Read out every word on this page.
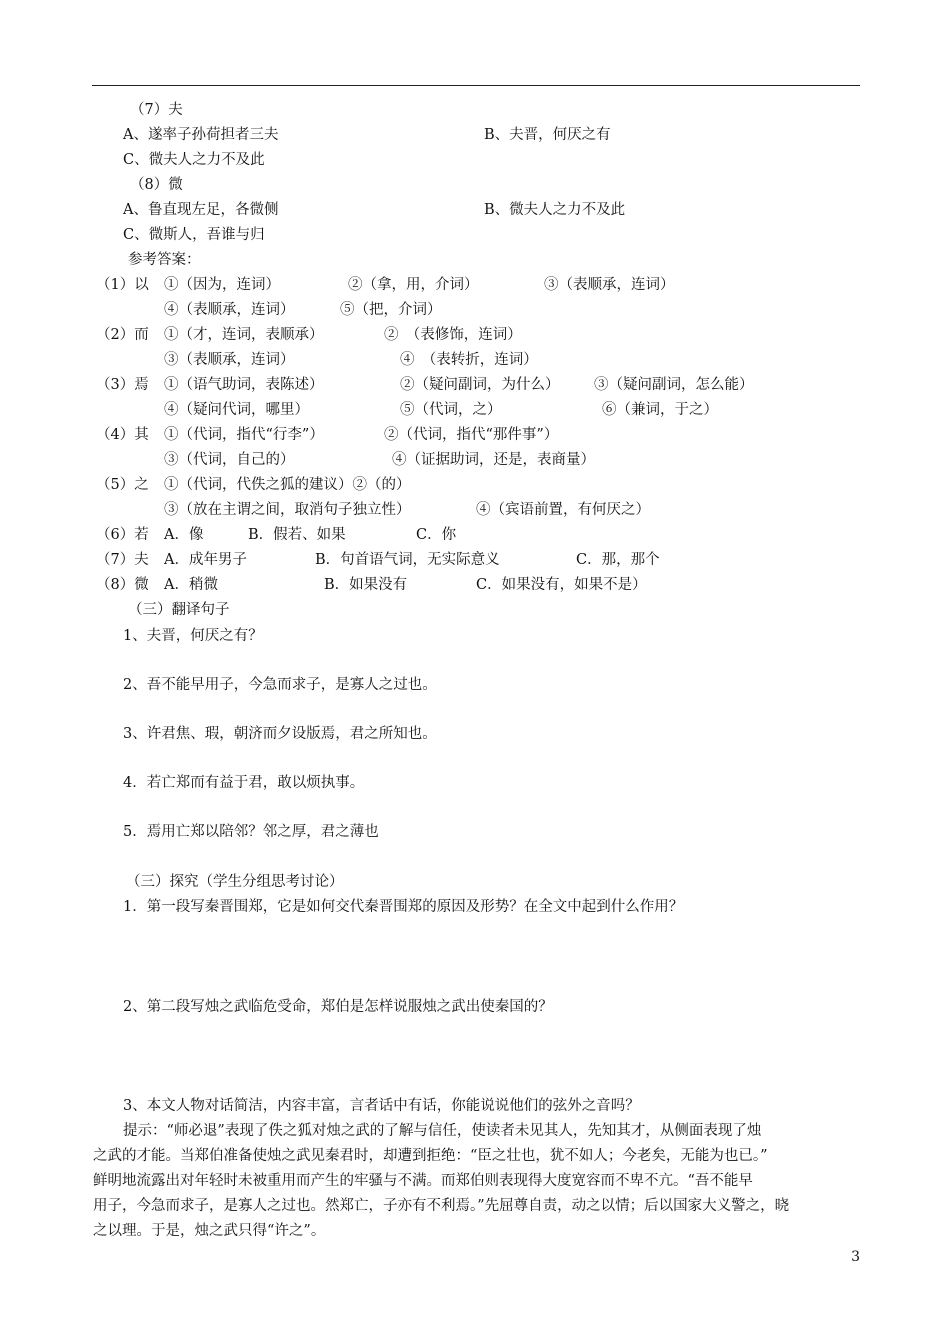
（7）夫
A、遂率子孙荷担者三夫	B、夫晋，何厌之有
C、微夫人之力不及此
（8）微
A、鲁直现左足，各微侧	B、微夫人之力不及此
C、微斯人，吾谁与归
参考答案：
（1）以 ①（因为，连词）	②（拿，用，介词）	③（表顺承，连词）
④（表顺承，连词）	⑤（把，介词）
（2）而 ①（才，连词，表顺承）	②　（表修饰，连词）
③（表顺承，连词）	④　（表转折，连词）
（3）焉 ①（语气助词，表陈述）	②（疑问副词，为什么） ③（疑问副词，怎么能）
④（疑问代词，哪里）	⑤（代词，之）	⑥（兼词，于之）
（4）其 ①（代词，指代“行李”）	②（代词，指代“那件事”）
③（代词，自己的）	④（证据助词，还是，表商量）
（5）之 ①（代词，代佚之狐的建议）②（的）
③（放在主谓之间，取消句子独立性）	④（宾语前置，有何厌之）
（6）若 A．像	B．假若、如果	C．你
（7）夫 A．成年男子	B．句首语气词，无实际意义	C．那，那个
（8）微 A．稍微	B．如果没有	C．如果没有，如果不是）
（三）翻译句子
1、夫晋，何厌之有？
2、吾不能早用子，今急而求子，是寡人之过也。
3、许君焦、瑕，朝济而夕设版焉，君之所知也。
4．若亡郑而有益于君，敢以烦执事。
5．焉用亡郑以陪邻？邻之厚，君之薄也
（三）探究（学生分组思考讨论）
1．第一段写秦晋围郑，它是如何交代秦晋围郑的原因及形势？在全文中起到什么作用？
2、第二段写烛之武临危受命，郑伯是怎样说服烛之武出使秦国的？
3、本文人物对话简洁，内容丰富，言者话中有话，你能说说他们的弦外之音吗？
提示：“师必退”表现了佚之狐对烛之武的了解与信任，使读者未见其人，先知其才，从侧面表现了烛
之武的才能。当郑伯准备使烛之武见秦君时，却遭到拒绝：“臣之壮也，犹不如人；今老矣，无能为也已。”
鲜明地流露出对年轻时未被重用而产生的牢骚与不满。而郑伯则表现得大度宽容而不卑不亢。“吾不能早
用子，今急而求子，是寡人之过也。然郑亡，子亦有不利焉。”先屈尊自责，动之以情；后以国家大义警之，晓
之以理。于是，烛之武只得“许之”。
3
